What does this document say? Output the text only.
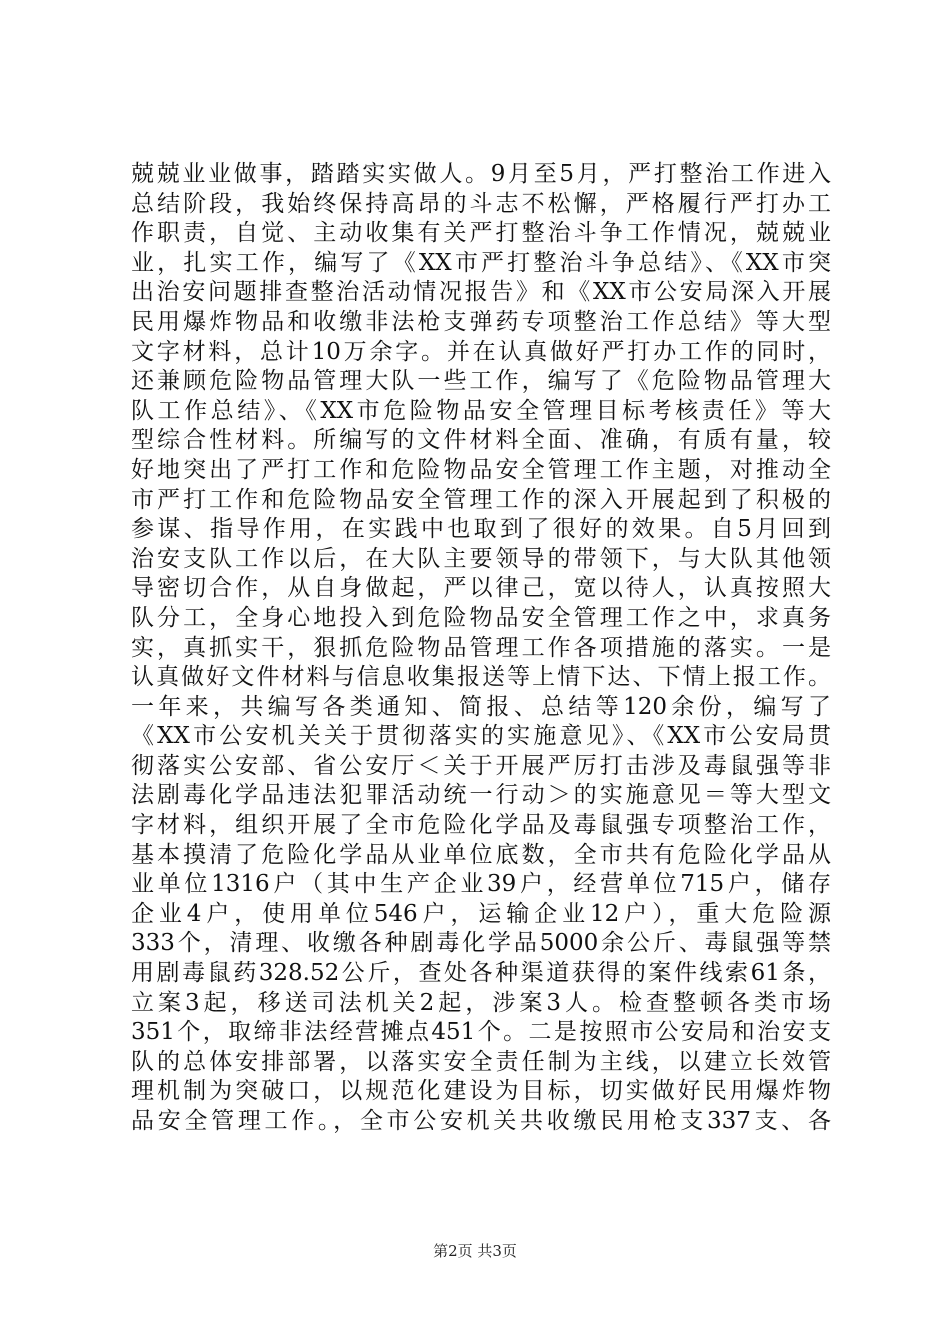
兢兢业业做事，踏踏实实做人。9月至5月，严打整治工作进入
总结阶段，我始终保持高昂的斗志不松懈，严格履行严打办工
作职责，自觉、主动收集有关严打整治斗争工作情况，兢兢业
业，扎实工作，编写了《XX市严打整治斗争总结》、《XX市突
出治安问题排查整治活动情况报告》和《XX市公安局深入开展
民用爆炸物品和收缴非法枪支弹药专项整治工作总结》等大型
文字材料，总计10万余字。并在认真做好严打办工作的同时，
还兼顾危险物品管理大队一些工作，编写了《危险物品管理大
队工作总结》、《XX市危险物品安全管理目标考核责任》等大
型综合性材料。所编写的文件材料全面、准确，有质有量，较
好地突出了严打工作和危险物品安全管理工作主题，对推动全
市严打工作和危险物品安全管理工作的深入开展起到了积极的
参谋、指导作用，在实践中也取到了很好的效果。自5月回到
治安支队工作以后，在大队主要领导的带领下，与大队其他领
导密切合作，从自身做起，严以律己，宽以待人，认真按照大
队分工，全身心地投入到危险物品安全管理工作之中，求真务
实，真抓实干，狠抓危险物品管理工作各项措施的落实。一是
认真做好文件材料与信息收集报送等上情下达、下情上报工作。
一年来，共编写各类通知、简报、总结等120余份，编写了
《XX市公安机关关于贯彻落实的实施意见》、《XX市公安局贯
彻落实公安部、省公安厅＜关于开展严厉打击涉及毒鼠强等非
法剧毒化学品违法犯罪活动统一行动＞的实施意见＝等大型文
字材料，组织开展了全市危险化学品及毒鼠强专项整治工作，
基本摸清了危险化学品从业单位底数，全市共有危险化学品从
业单位1316户（其中生产企业39户，经营单位715户，储存
企业4户，使用单位546户，运输企业12户），重大危险源
333个，清理、收缴各种剧毒化学品5000余公斤、毒鼠强等禁
用剧毒鼠药328.52公斤，查处各种渠道获得的案件线索61条，
立案3起，移送司法机关2起，涉案3人。检查整顿各类市场
351个，取缔非法经营摊点451个。二是按照市公安局和治安支
队的总体安排部署，以落实安全责任制为主线，以建立长效管
理机制为突破口，以规范化建设为目标，切实做好民用爆炸物
品安全管理工作。，全市公安机关共收缴民用枪支337支、各
第2页 共3页
